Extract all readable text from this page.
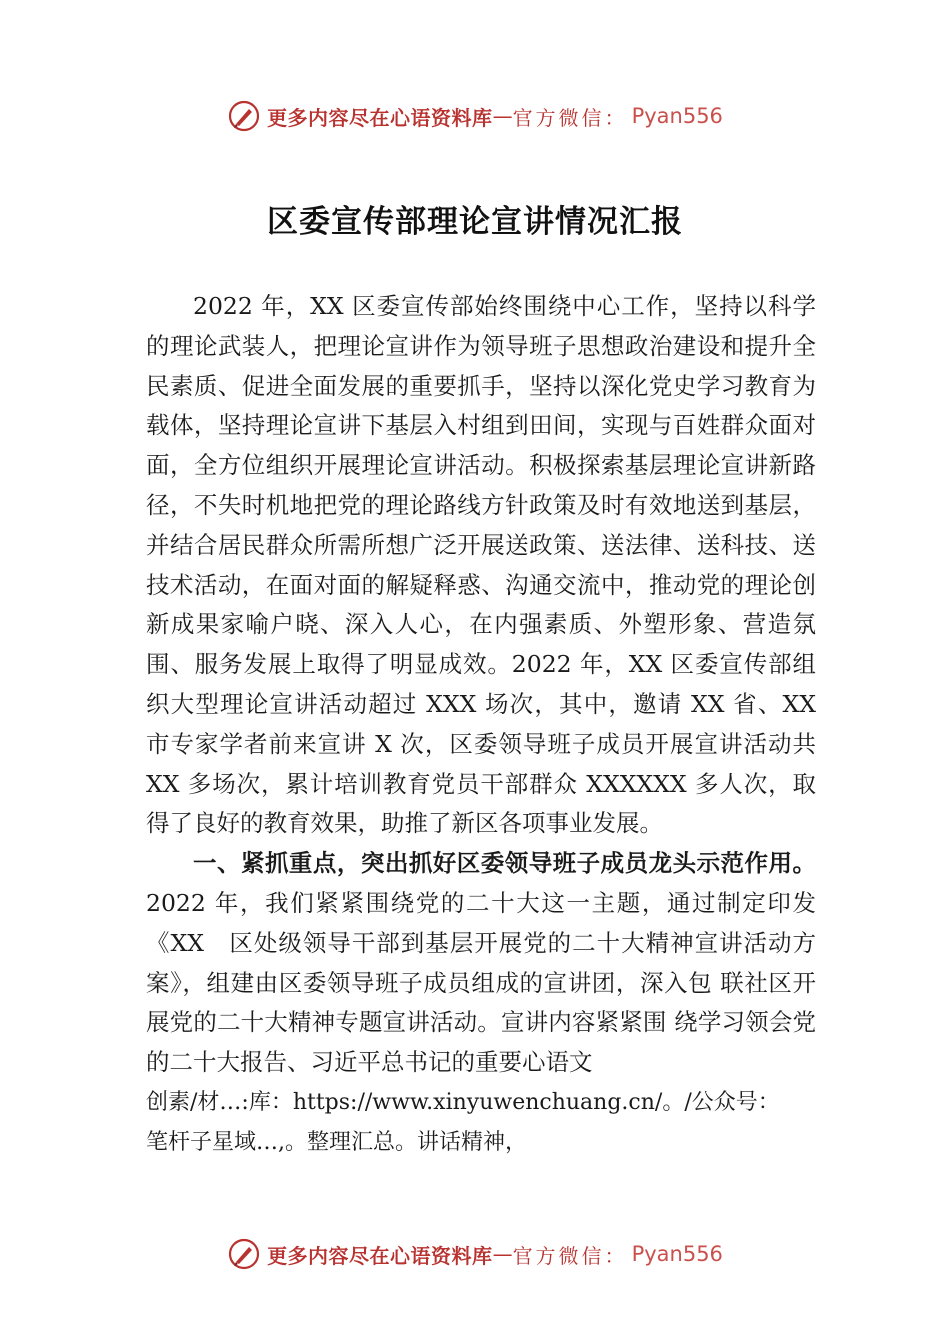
更多内容尽在心语资料库 — 官方微信： Pyan556
区委宣传部理论宣讲情况汇报

2022 年，XX 区委宣传部始终围绕中心工作，坚持以科学的理论武装人，把理论宣讲作为领导班子思想政治建设和提升全民素质、促进全面发展的重要抓手，坚持以深化党史学习教育为载体，坚持理论宣讲下基层入村组到田间，实现与百姓群众面对面，全方位组织开展理论宣讲活动。积极探索基层理论宣讲新路径，不失时机地把党的理论路线方针政策及时有效地送到基层，并结合居民群众所需所想广泛开展送政策、送法律、送科技、送技术活动，在面对面的解疑释惑、沟通交流中，推动党的理论创新成果家喻户晓、深入人心，在内强素质、外塑形象、营造氛围、服务发展上取得了明显成效。2022 年，XX 区委宣传部组织大型理论宣讲活动超过 XXX 场次，其中，邀请 XX 省、XX 市专家学者前来宣讲 X 次，区委领导班子成员开展宣讲活动共 XX 多场次，累计培训教育党员干部群众 XXXXXX 多人次，取得了良好的教育效果，助推了新区各项事业发展。

一、紧抓重点，突出抓好区委领导班子成员龙头示范作用。2022 年，我们紧紧围绕党的二十大这一主题，通过制定印发《XX　区处级领导干部到基层开展党的二十大精神宣讲活动方案》，组建由区委领导班子成员组成的宣讲团，深入包 联社区开展党的二十大精神专题宣讲活动。宣讲内容紧紧围 绕学习领会党的二十大报告、习近平总书记的重要心语文

创素/材…:库：https://www.xinyuwenchuang.cn/。/公众号：
笔杆子星域…,。整理汇总。讲话精神，
更多内容尽在心语资料库 — 官方微信： Pyan556
